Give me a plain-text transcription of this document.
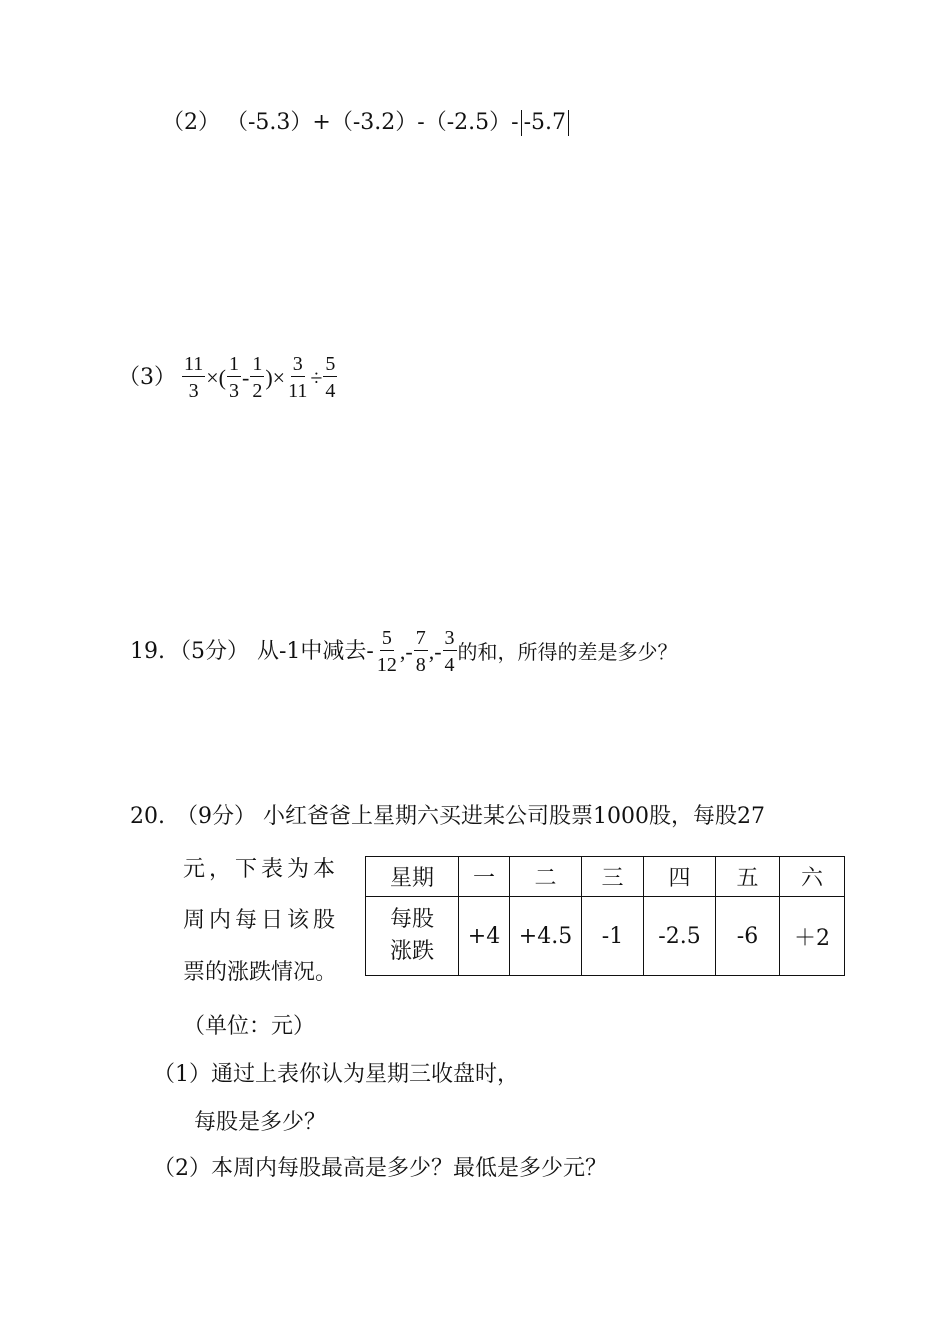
（2） （-5.3）+（-3.2）-（-2.5）- -5.7
$(3) \frac{11}{3}$ ×( $\frac{1}{3} - \frac{1}{2}$ )× $\frac{3}{11} \div \frac{5}{4}$
19. （5分） 从-1中减去- $\frac{5}{12}$ ,- $\frac{7}{8}$ ,- $\frac{3}{4}$ 的和，所得的差是多少？
20. （9分） 小红爸爸上星期六买进某公司股票1000股，每股27
元，下表为本
周内每日该股
票的涨跌情况。
星期	一	二	三	四	五	六

每股
涨跌	+4	+4.5	-1	-2.5	-6	＋2
（单位：元）
（1）通过上表你认为星期三收盘时，
每股是多少？
（2）本周内每股最高是多少？最低是多少元？
